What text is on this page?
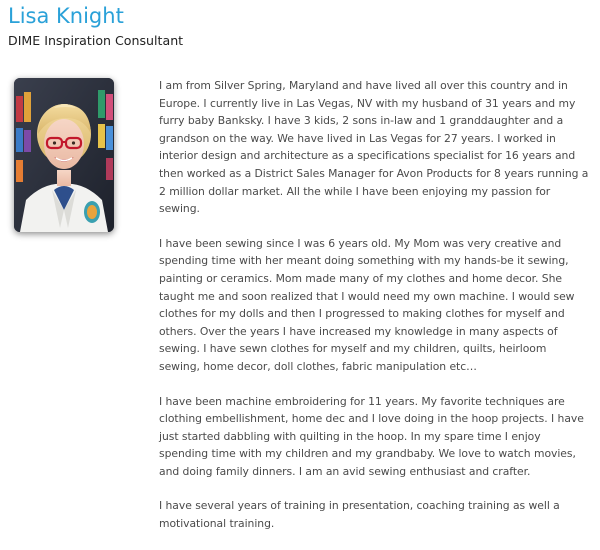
Lisa Knight
DIME Inspiration Consultant

I am from Silver Spring, Maryland and have lived all over this country and in Europe. I currently live in Las Vegas, NV with my husband of 31 years and my furry baby Banksky. I have 3 kids, 2 sons in-law and 1 granddaughter and a grandson on the way. We have lived in Las Vegas for 27 years. I worked in interior design and architecture as a specifications specialist for 16 years and then worked as a District Sales Manager for Avon Products for 8 years running a 2 million dollar market. All the while I have been enjoying my passion for sewing.

I have been sewing since I was 6 years old. My Mom was very creative and spending time with her meant doing something with my hands-be it sewing, painting or ceramics. Mom made many of my clothes and home decor. She taught me and soon realized that I would need my own machine. I would sew clothes for my dolls and then I progressed to making clothes for myself and others. Over the years I have increased my knowledge in many aspects of sewing. I have sewn clothes for myself and my children, quilts, heirloom sewing, home decor, doll clothes, fabric manipulation etc…

I have been machine embroidering for 11 years. My favorite techniques are clothing embellishment, home dec and I love doing in the hoop projects. I have just started dabbling with quilting in the hoop. In my spare time I enjoy spending time with my children and my grandbaby. We love to watch movies, and doing family dinners. I am an avid sewing enthusiast and crafter.

I have several years of training in presentation, coaching training as well a motivational training.
